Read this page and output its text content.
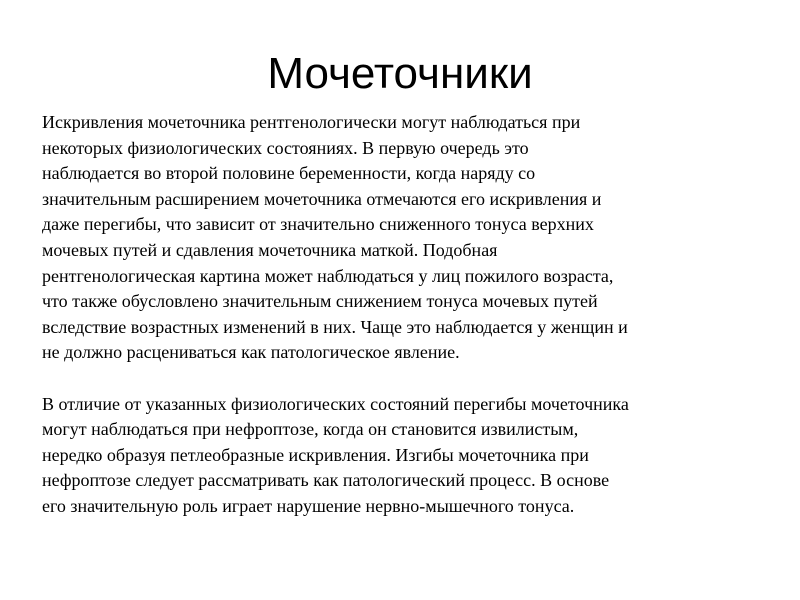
Мочеточники
Искривления мочеточника рентгенологически могут наблюдаться при
некоторых физиологических состояниях. В первую очередь это
наблюдается во второй половине беременности, когда наряду со
значительным расширением мочеточника отмечаются его искривления и
даже перегибы, что зависит от значительно сниженного тонуса верхних
мочевых путей и сдавления мочеточника маткой. Подобная
рентгенологическая картина может наблюдаться у лиц пожилого возраста,
что также обусловлено значительным снижением тонуса мочевых путей
вследствие возрастных изменений в них. Чаще это наблюдается у женщин и
не должно расцениваться как патологическое явление.
В отличие от указанных физиологических состояний перегибы мочеточника
могут наблюдаться при нефроптозе, когда он становится извилистым,
нередко образуя петлеобразные искривления. Изгибы мочеточника при
нефроптозе следует рассматривать как патологический процесс. В основе
его значительную роль играет нарушение нервно-мышечного тонуса.
